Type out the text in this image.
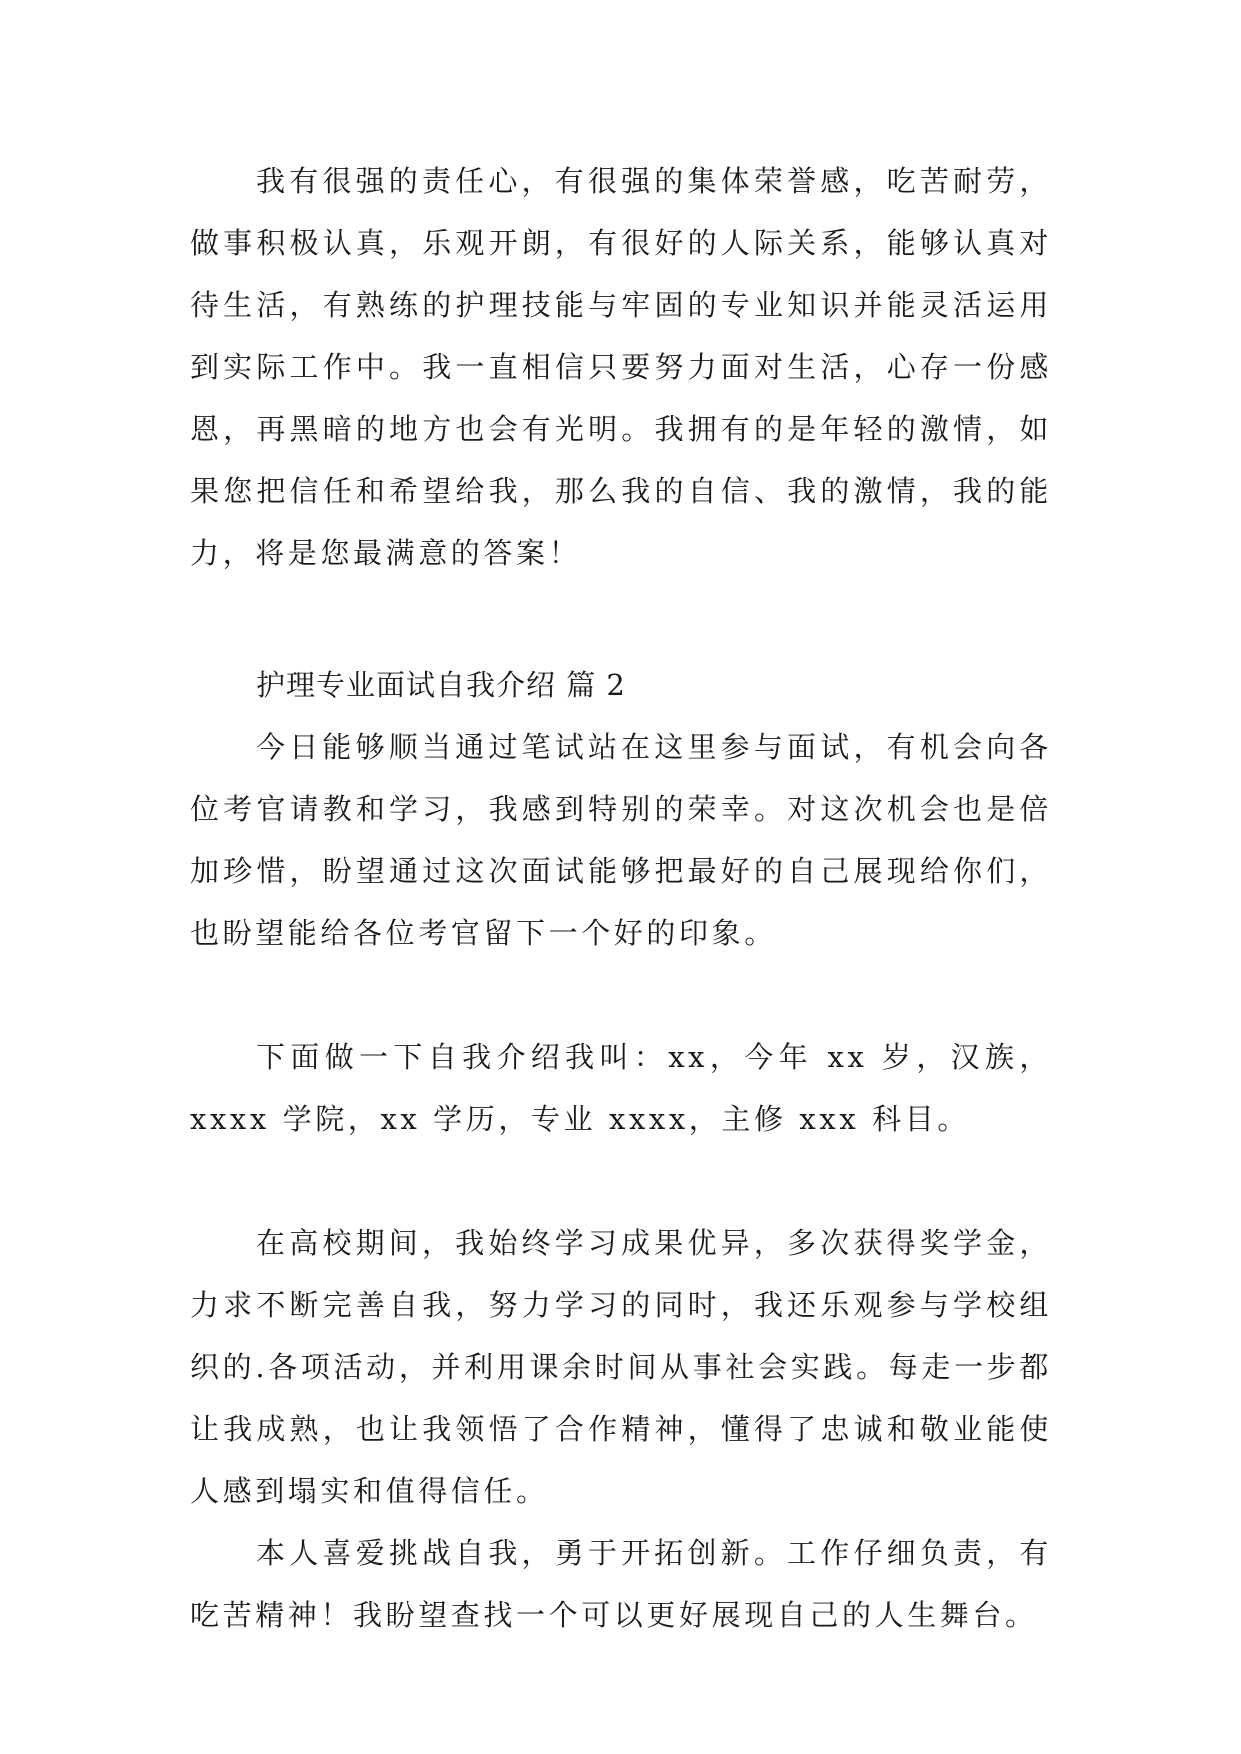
我有很强的责任心，有很强的集体荣誉感，吃苦耐劳，做事积极认真，乐观开朗，有很好的人际关系，能够认真对待生活，有熟练的护理技能与牢固的专业知识并能灵活运用到实际工作中。我一直相信只要努力面对生活，心存一份感恩，再黑暗的地方也会有光明。我拥有的是年轻的激情，如果您把信任和希望给我，那么我的自信、我的激情，我的能力，将是您最满意的答案！

护理专业面试自我介绍 篇 2

今日能够顺当通过笔试站在这里参与面试，有机会向各位考官请教和学习，我感到特别的荣幸。对这次机会也是倍加珍惜，盼望通过这次面试能够把最好的自己展现给你们，也盼望能给各位考官留下一个好的印象。

下面做一下自我介绍我叫：xx，今年 xx 岁，汉族，xxxx 学院，xx 学历，专业 xxxx，主修 xxx 科目。

在高校期间，我始终学习成果优异，多次获得奖学金，力求不断完善自我，努力学习的同时，我还乐观参与学校组织的.各项活动，并利用课余时间从事社会实践。每走一步都让我成熟，也让我领悟了合作精神，懂得了忠诚和敬业能使人感到塌实和值得信任。

本人喜爱挑战自我，勇于开拓创新。工作仔细负责，有吃苦精神！我盼望查找一个可以更好展现自己的人生舞台。
